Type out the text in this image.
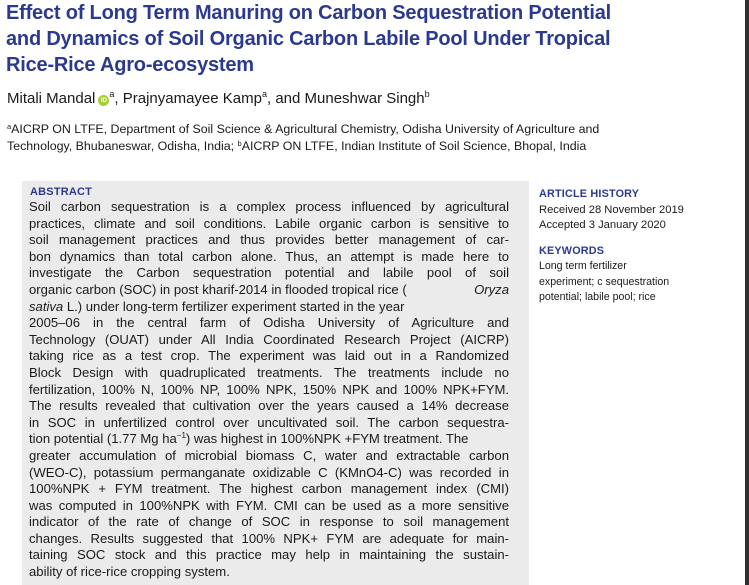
Effect of Long Term Manuring on Carbon Sequestration Potential
and Dynamics of Soil Organic Carbon Labile Pool Under Tropical
Rice-Rice Agro-ecosystem
Mitali Mandal $iD^a$, Prajnyamayee Kamp$^a$, and Muneshwar Singh$^b$
$^a$AICRP ON LTFE, Department of Soil Science & Agricultural Chemistry, Odisha University of Agriculture and
Technology, Bhubaneswar, Odisha, India; $^b$AICRP ON LTFE, Indian Institute of Soil Science, Bhopal, India
ABSTRACT
Soil carbon sequestration is a complex process influenced by agricultural
practices, climate and soil conditions. Labile organic carbon is sensitive to
soil management practices and thus provides better management of car-
bon dynamics than total carbon alone. Thus, an attempt is made here to
investigate the Carbon sequestration potential and labile pool of soil
organic carbon (SOC) in post kharif-2014 in flooded tropical rice (	Oryza
sativa L.) under long-term fertilizer experiment started in the year
2005–06 in the central farm of Odisha University of Agriculture and
Technology (OUAT) under All India Coordinated Research Project (AICRP)
taking rice as a test crop. The experiment was laid out in a Randomized
Block Design with quadruplicated treatments. The treatments include no
fertilization, 100% N, 100% NP, 100% NPK, 150% NPK and 100% NPK+FYM.
The results revealed that cultivation over the years caused a 14% decrease
in SOC in unfertilized control over uncultivated soil. The carbon sequestra-
tion potential (1.77 Mg $ha^{-1}$) was highest in 100%NPK +FYM treatment. The
greater accumulation of microbial biomass C, water and extractable carbon
(WEO-C), potassium permanganate oxidizable C (KMnO4-C) was recorded in
100%NPK + FYM treatment. The highest carbon management index (CMI)
was computed in 100%NPK with FYM. CMI can be used as a more sensitive
indicator of the rate of change of SOC in response to soil management
changes. Results suggested that 100% NPK+ FYM are adequate for main-
taining SOC stock and this practice may help in maintaining the sustain-
ability of rice-rice cropping system.
ARTICLE HISTORY
Received 28 November 2019
Accepted 3 January 2020
KEYWORDS
Long term fertilizer
experiment; c sequestration
potential; labile pool; rice
